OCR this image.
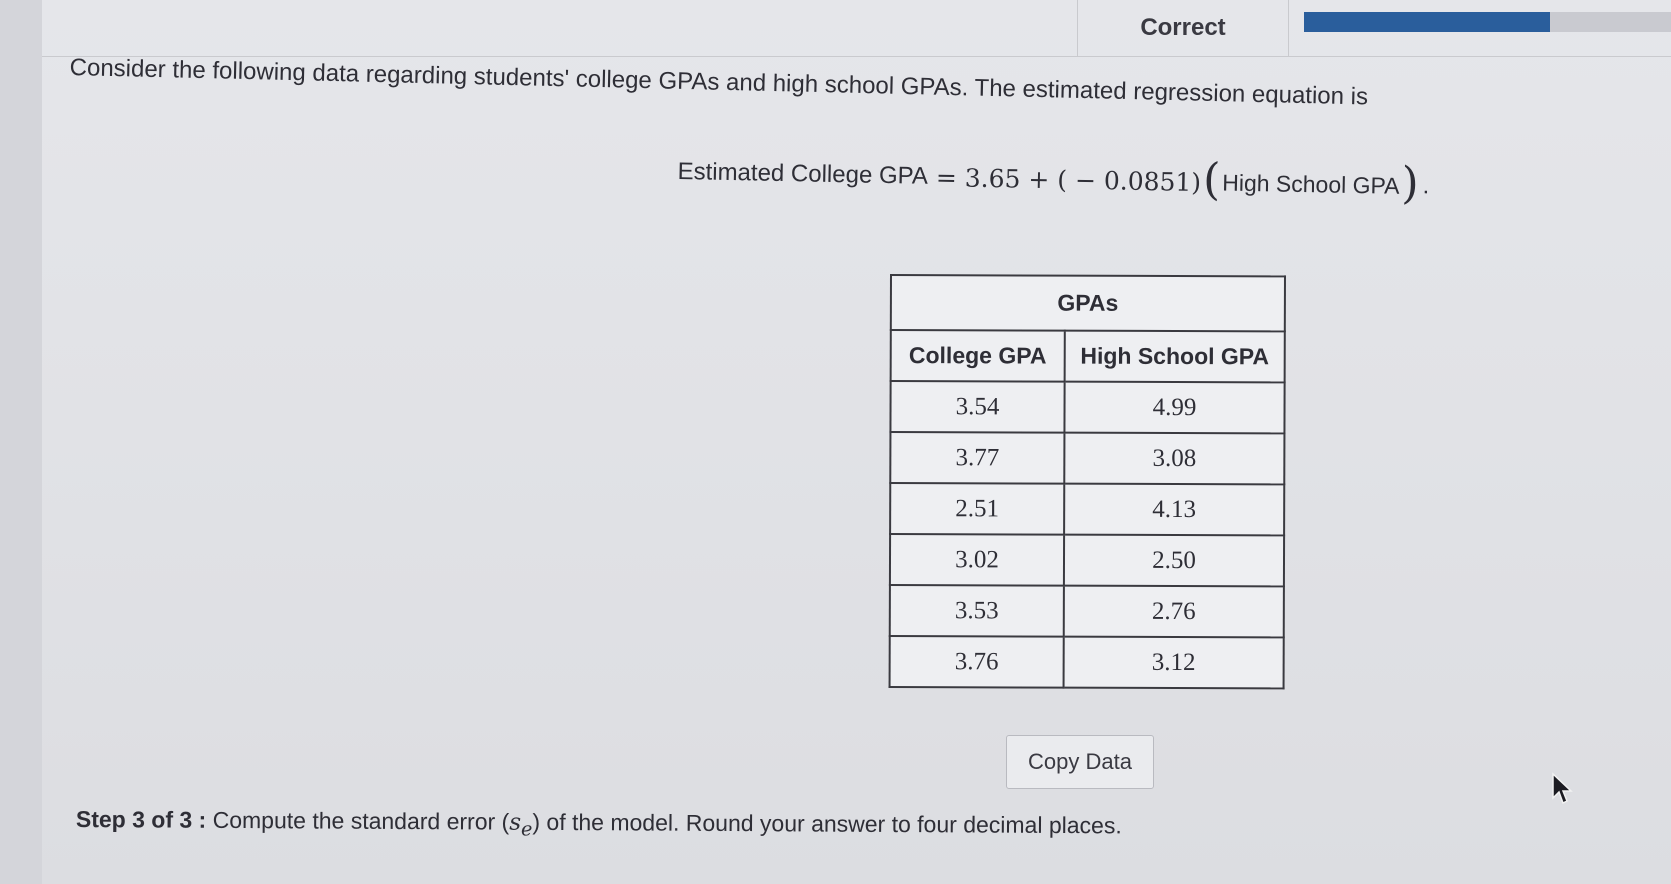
Correct
Consider the following data regarding students' college GPAs and high school GPAs. The estimated regression equation is
Estimated College GPA = 3.65 + ( − 0.0851) ( High School GPA ) .
GPAs	
College GPA	High School GPA
3.54	4.99
3.77	3.08
2.51	4.13
3.02	2.50
3.53	2.76
3.76	3.12
Copy Data
Step 3 of 3 : Compute the standard error $(s_e)$ of the model. Round your answer to four decimal places.
